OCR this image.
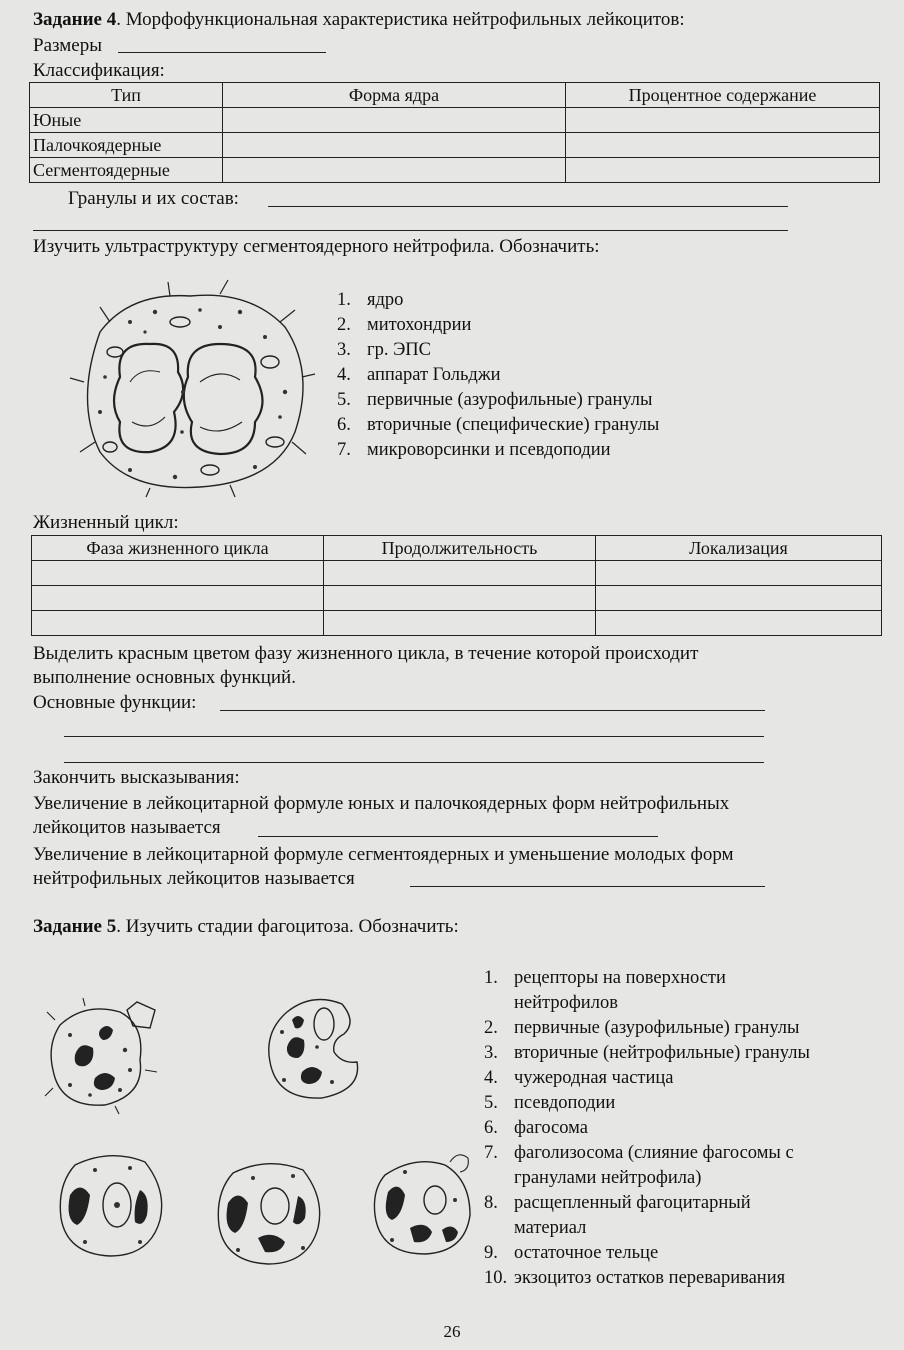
Задание 4. Морфофункциональная характеристика нейтрофильных лейкоцитов:
Размеры
Классификация:
Тип	Форма ядра	Процентное содержание
Юные		
Палочкоядерные		
Сегментоядерные		
Гранулы и их состав:
Изучить ультраструктуру сегментоядерного нейтрофила. Обозначить:
1. ядро
2. митохондрии
3. гр. ЭПС
4. аппарат Гольджи
5. первичные (азурофильные) гранулы
6. вторичные (специфические) гранулы
7. микроворсинки и псевдоподии
Жизненный цикл:
Фаза жизненного цикла	Продолжительность	Локализация

Выделить красным цветом фазу жизненного цикла, в течение которой происходит
выполнение основных функций.
Основные функции:
Закончить высказывания:
Увеличение в лейкоцитарной формуле юных и палочкоядерных форм нейтрофильных
лейкоцитов называется
Увеличение в лейкоцитарной формуле сегментоядерных и уменьшение молодых форм
нейтрофильных лейкоцитов называется
Задание 5. Изучить стадии фагоцитоза. Обозначить:
1. рецепторы на поверхности
нейтрофилов
2. первичные (азурофильные) гранулы
3. вторичные (нейтрофильные) гранулы
4. чужеродная частица
5. псевдоподии
6. фагосома
7. фаголизосома (слияние фагосомы с
гранулами нейтрофила)
8. расщепленный фагоцитарный
материал
9. остаточное тельце
10. экзоцитоз остатков переваривания
26
